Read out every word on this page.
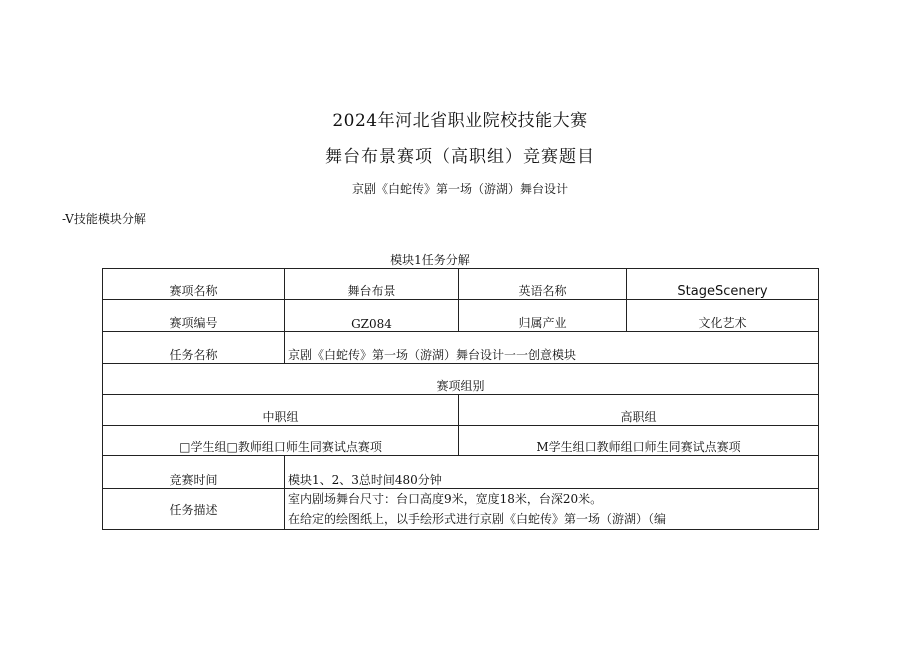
2024年河北省职业院校技能大赛
舞台布景赛项（高职组）竞赛题目
京剧《白蛇传》第一场（游湖）舞台设计
-V技能模块分解
模块1任务分解
赛项名称	舞台布景	英语名称	StageScenery
赛项编号	GZ084	归属产业	文化艺术
任务名称	京剧《白蛇传》第一场（游湖）舞台设计一一创意模块		
赛项组别			
中职组		高职组	
□学生组□教师组口师生同赛试点赛项		M学生组口教师组口师生同赛试点赛项	
竞赛时间	模块1、2、3总时间480分钟		
任务描述	室内剧场舞台尺寸：台口高度9米，宽度18米，台深20米。
在给定的绘图纸上，以手绘形式进行京剧《白蛇传》第一场（游湖）（编		
